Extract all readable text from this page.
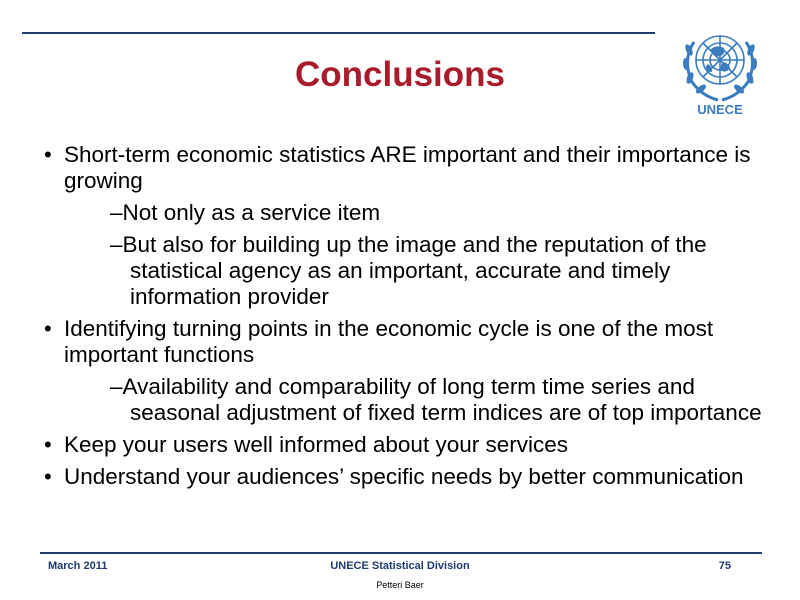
Conclusions
UNECE
• Short-term economic statistics ARE important and their importance is growing
–Not only as a service item
–But also for building up the image and the reputation of the statistical agency as an important, accurate and timely information provider
• Identifying turning points in the economic cycle is one of the most important functions
–Availability and comparability of long term time series and seasonal adjustment of fixed term indices are of top importance
• Keep your users well informed about your services
• Understand your audiences’ specific needs by better communication
March 2011	UNECE Statistical Division	75
Petteri Baer
